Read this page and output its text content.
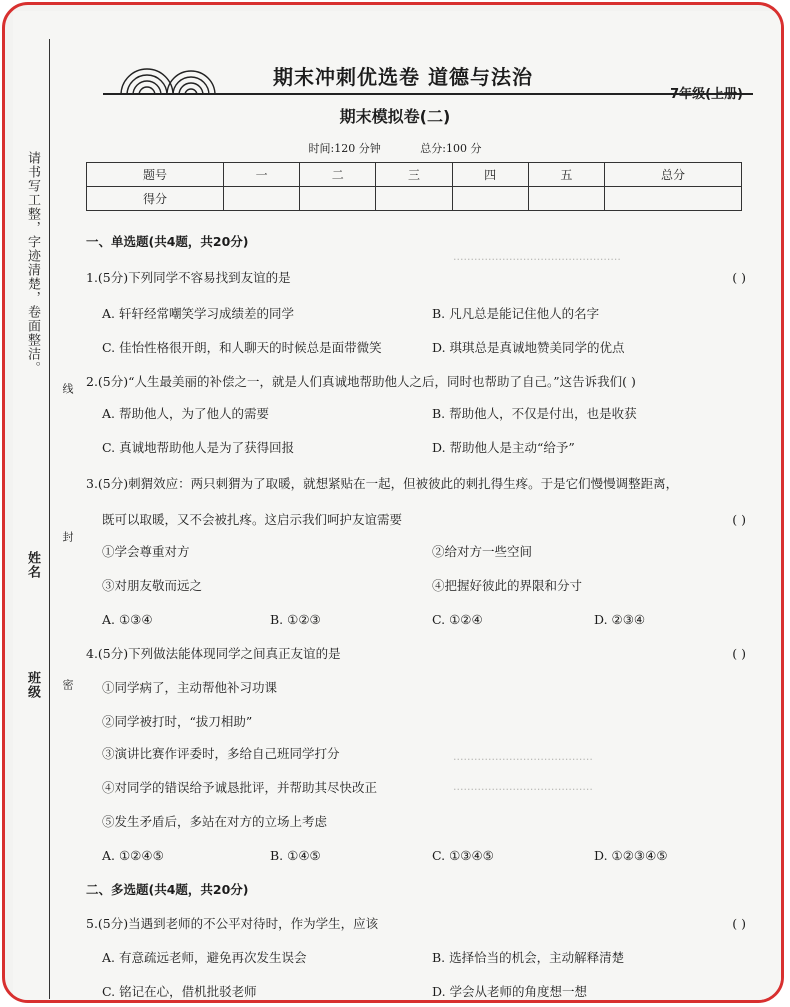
················································
········································
········································
请书写工整，字迹清楚，卷面整洁。
姓名
班级
线
封
密
期末冲刺优选卷 道德与法治
7年级(上册)
期末模拟卷(二)
时间:120 分钟	总分:100 分
题号	一	二	三	四	五	总分
得分						
一、单选题(共4题，共20分)
1.(5分)下列同学不容易找到友谊的是	( )
A. 轩轩经常嘲笑学习成绩差的同学	B. 凡凡总是能记住他人的名字
C. 佳怡性格很开朗，和人聊天的时候总是面带微笑	D. 琪琪总是真诚地赞美同学的优点
2.(5分)“人生最美丽的补偿之一，就是人们真诚地帮助他人之后，同时也帮助了自己。”这告诉我们( )
A. 帮助他人，为了他人的需要	B. 帮助他人，不仅是付出，也是收获
C. 真诚地帮助他人是为了获得回报	D. 帮助他人是主动“给予”
3.(5分)刺猬效应：两只刺猬为了取暖，就想紧贴在一起，但被彼此的刺扎得生疼。于是它们慢慢调整距离，
既可以取暖，又不会被扎疼。这启示我们呵护友谊需要	( )
①学会尊重对方	②给对方一些空间
③对朋友敬而远之	④把握好彼此的界限和分寸
A. ①③④	B. ①②③	C. ①②④	D. ②③④
4.(5分)下列做法能体现同学之间真正友谊的是	( )
①同学病了，主动帮他补习功课
②同学被打时，“拔刀相助”
③演讲比赛作评委时，多给自己班同学打分
④对同学的错误给予诚恳批评，并帮助其尽快改正
⑤发生矛盾后，多站在对方的立场上考虑
A. ①②④⑤	B. ①④⑤	C. ①③④⑤	D. ①②③④⑤
二、多选题(共4题，共20分)
5.(5分)当遇到老师的不公平对待时，作为学生，应该	( )
A. 有意疏远老师，避免再次发生误会	B. 选择恰当的机会，主动解释清楚
C. 铭记在心，借机批驳老师	D. 学会从老师的角度想一想
